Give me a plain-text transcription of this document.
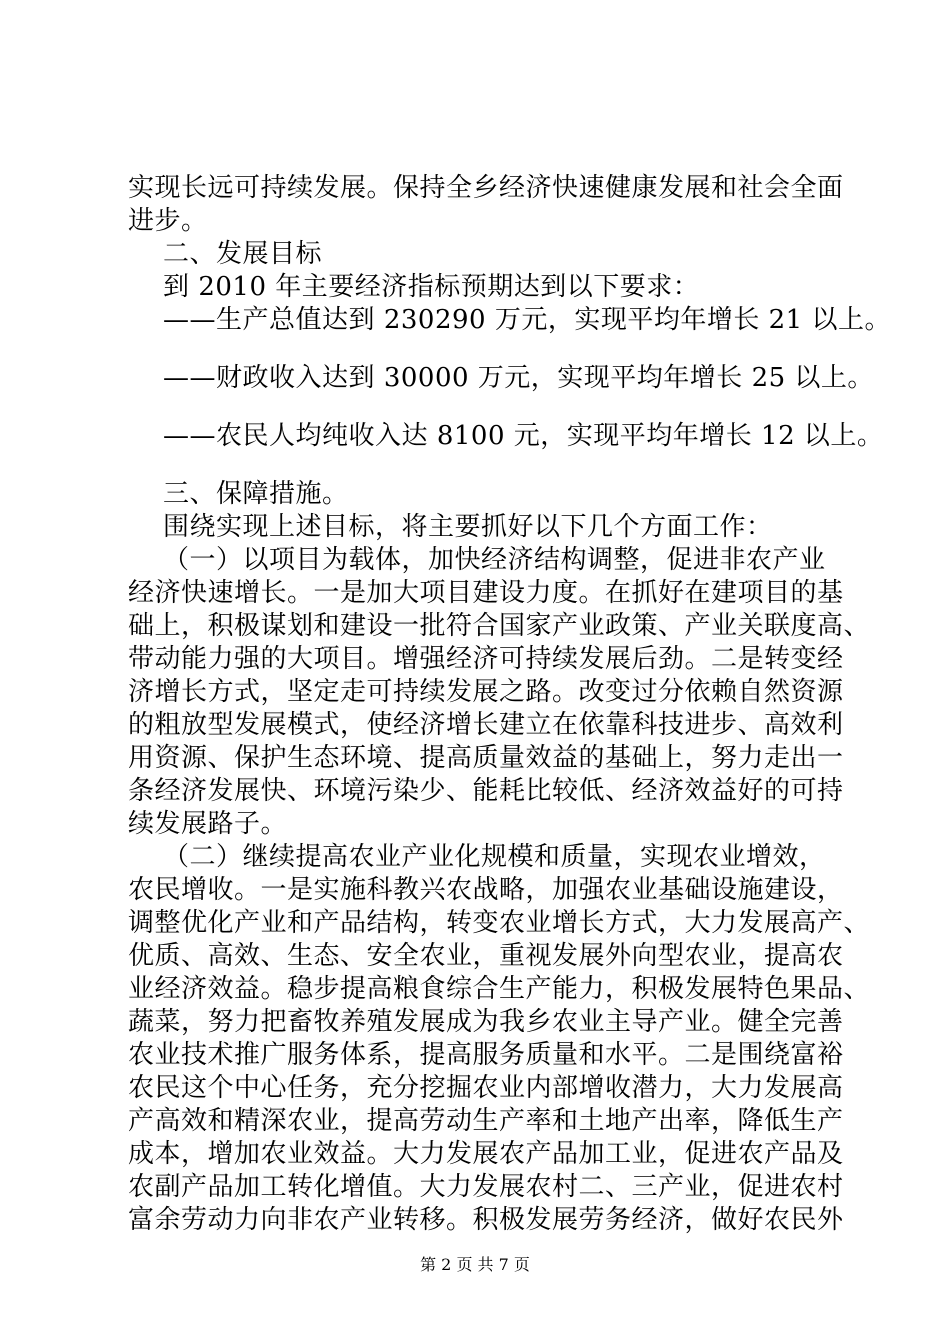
实现长远可持续发展。保持全乡经济快速健康发展和社会全面
进步。
二、发展目标
到 2010 年主要经济指标预期达到以下要求：
——生产总值达到 230290 万元，实现平均年增长 21 以上。
——财政收入达到 30000 万元，实现平均年增长 25 以上。
——农民人均纯收入达 8100 元，实现平均年增长 12 以上。
三、保障措施。
围绕实现上述目标，将主要抓好以下几个方面工作：
（一）以项目为载体，加快经济结构调整，促进非农产业
经济快速增长。一是加大项目建设力度。在抓好在建项目的基
础上，积极谋划和建设一批符合国家产业政策、产业关联度高、
带动能力强的大项目。增强经济可持续发展后劲。二是转变经
济增长方式，坚定走可持续发展之路。改变过分依赖自然资源
的粗放型发展模式，使经济增长建立在依靠科技进步、高效利
用资源、保护生态环境、提高质量效益的基础上，努力走出一
条经济发展快、环境污染少、能耗比较低、经济效益好的可持
续发展路子。
（二）继续提高农业产业化规模和质量，实现农业增效，
农民增收。一是实施科教兴农战略，加强农业基础设施建设，
调整优化产业和产品结构，转变农业增长方式，大力发展高产、
优质、高效、生态、安全农业，重视发展外向型农业，提高农
业经济效益。稳步提高粮食综合生产能力，积极发展特色果品、
蔬菜，努力把畜牧养殖发展成为我乡农业主导产业。健全完善
农业技术推广服务体系，提高服务质量和水平。二是围绕富裕
农民这个中心任务，充分挖掘农业内部增收潜力，大力发展高
产高效和精深农业，提高劳动生产率和土地产出率，降低生产
成本，增加农业效益。大力发展农产品加工业，促进农产品及
农副产品加工转化增值。大力发展农村二、三产业，促进农村
富余劳动力向非农产业转移。积极发展劳务经济，做好农民外
第 2 页 共 7 页
